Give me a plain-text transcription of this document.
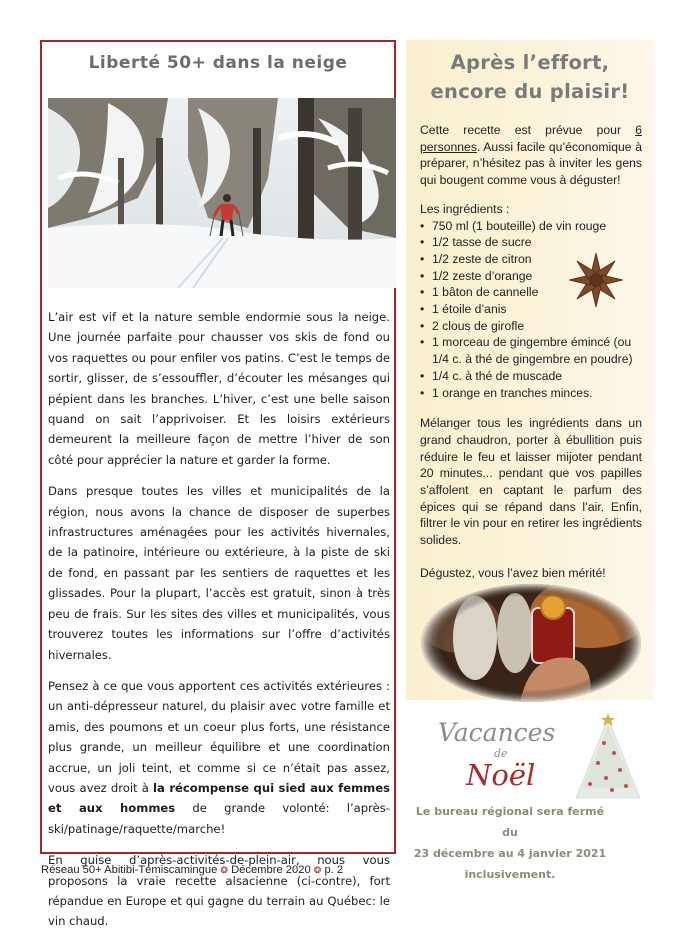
Liberté 50+ dans la neige

L’air est vif et la nature semble endormie sous la neige. Une journée parfaite pour chausser vos skis de fond ou vos raquettes ou pour enfiler vos patins. C’est le temps de sortir, glisser, de s’essouffler, d’écouter les mésanges qui pépient dans les branches. L’hiver, c’est une belle saison quand on sait l’apprivoiser. Et les loisirs extérieurs demeurent la meilleure façon de mettre l’hiver de son côté pour apprécier la nature et garder la forme.

Dans presque toutes les villes et municipalités de la région, nous avons la chance de disposer de superbes infrastructures aménagées pour les activités hivernales, de la patinoire, intérieure ou extérieure, à la piste de ski de fond, en passant par les sentiers de raquettes et les glissades. Pour la plupart, l’accès est gratuit, sinon à très peu de frais. Sur les sites des villes et municipalités, vous trouverez toutes les informations sur l’offre d’activités hivernales.

Pensez à ce que vous apportent ces activités extérieures : un anti-dépresseur naturel, du plaisir avec votre famille et amis, des poumons et un coeur plus forts, une résistance plus grande, un meilleur équilibre et une coordination accrue, un joli teint, et comme si ce n’était pas assez, vous avez droit à la récompense qui sied aux femmes et aux hommes de grande volonté: l’après-ski/patinage/raquette/marche!

En guise d’après-activités-de-plein-air, nous vous proposons la vraie recette alsacienne (ci-contre), fort répandue en Europe et qui gagne du terrain au Québec: le vin chaud.

Après l’effort,
encore du plaisir!

Cette recette est prévue pour 6 personnes. Aussi facile qu’économique à préparer, n’hésitez pas à inviter les gens qui bougent comme vous à déguster!

Les ingrédients :

• 750 ml (1 bouteille) de vin rouge
• 1/2 tasse de sucre
• 1/2 zeste de citron
• 1/2 zeste d’orange
• 1 bâton de cannelle
• 1 étoile d’anis
• 2 clous de girofle
• 1 morceau de gingembre émincé (ou 1/4 c. à thé de gingembre en poudre)
• 1/4 c. à thé de muscade
• 1 orange en tranches minces.

Mélanger tous les ingrédients dans un grand chaudron, porter à ébullition puis réduire le feu et laisser mijoter pendant 20 minutes... pendant que vos papilles s’affolent en captant le parfum des épices qui se répand dans l’air. Enfin, filtrer le vin pour en retirer les ingrédients solides.

Dégustez, vous l’avez bien mérité!

Vacances
de
Noël
Le bureau régional sera fermé du
23 décembre au 4 janvier 2021
inclusivement.
Réseau 50+ Abitibi-Témiscamingue ❂ Décembre 2020 ❂ p. 2
